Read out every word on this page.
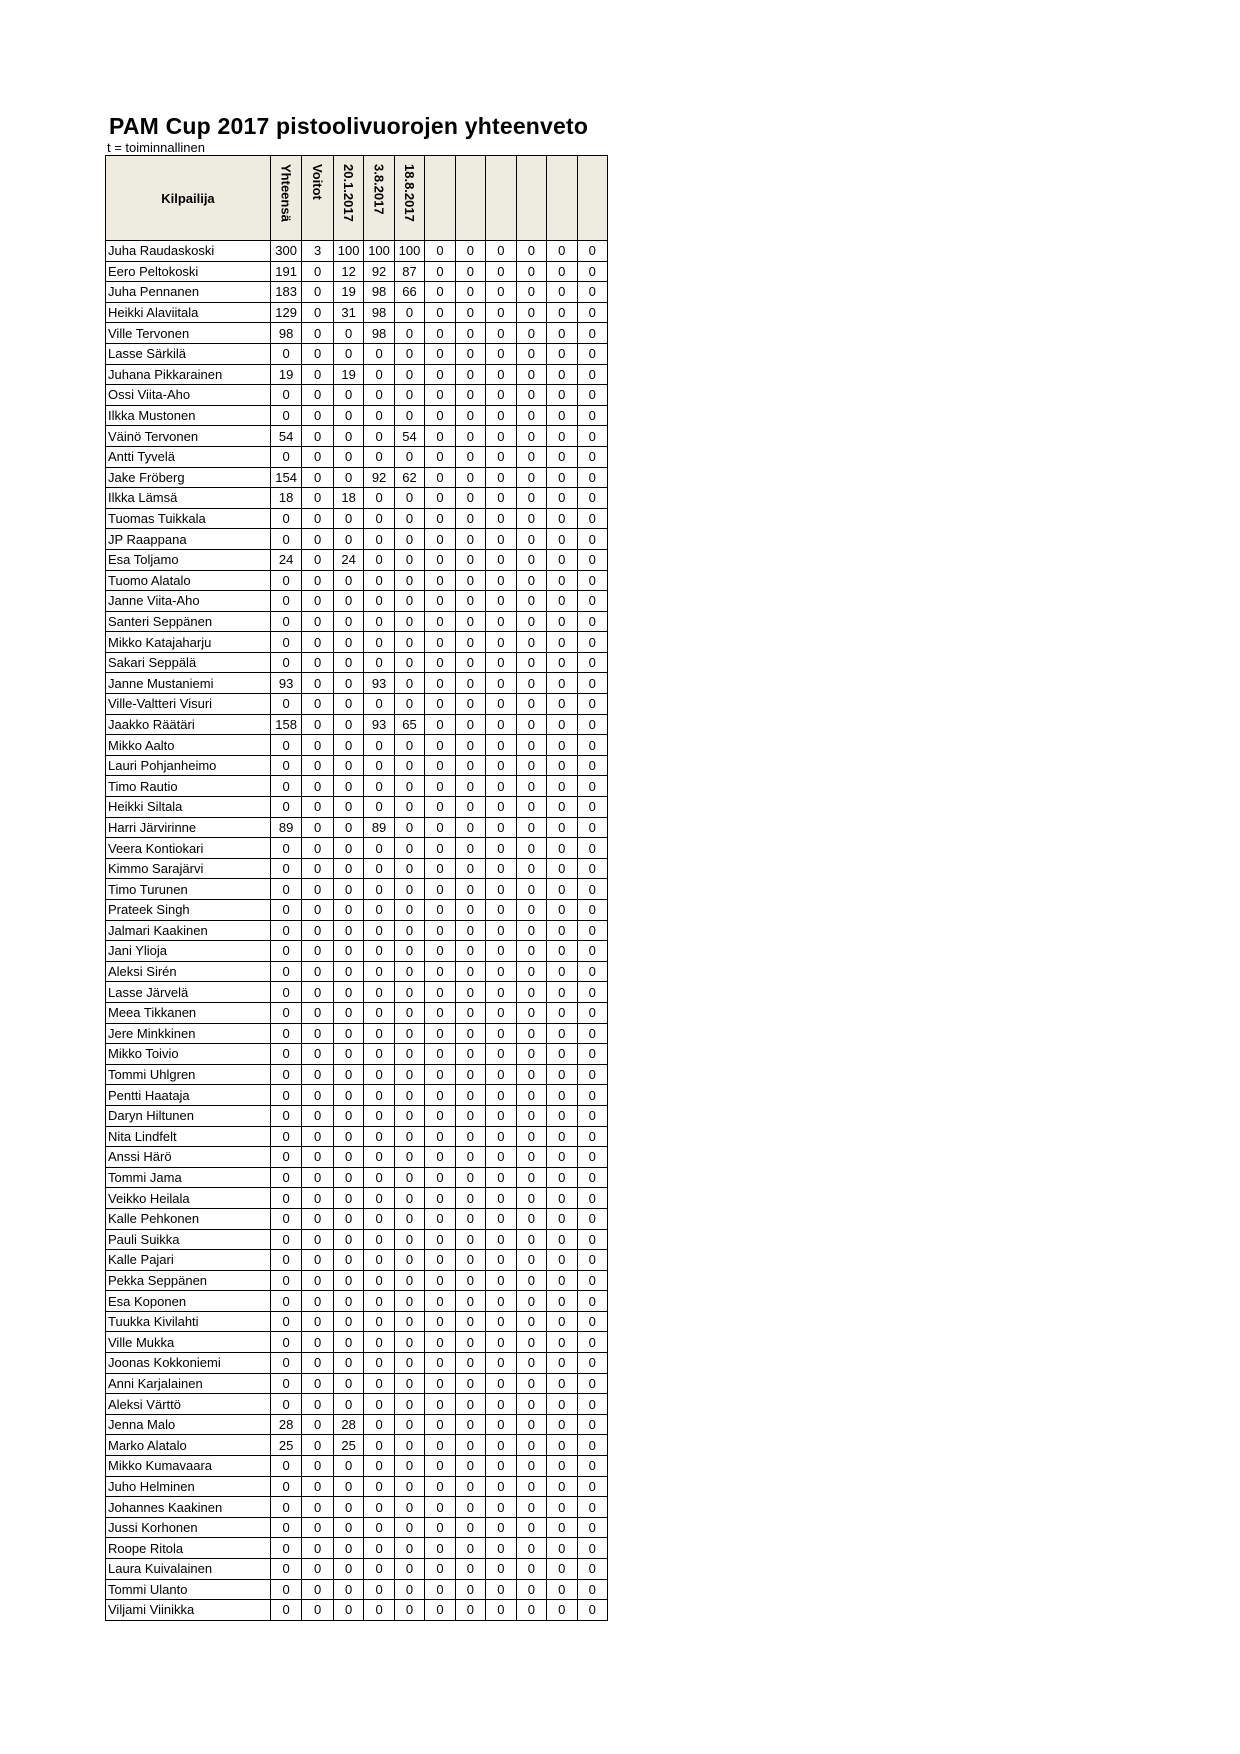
PAM Cup 2017 pistoolivuorojen yhteenveto
t = toiminnallinen
Kilpailija	Yhteensä	Voitot	20.1.2017	3.8.2017	18.8.2017						

Juha Raudaskoski	300	3	100	100	100	0	0	0	0	0	0
Eero Peltokoski	191	0	12	92	87	0	0	0	0	0	0
Juha Pennanen	183	0	19	98	66	0	0	0	0	0	0
Heikki Alaviitala	129	0	31	98	0	0	0	0	0	0	0
Ville Tervonen	98	0	0	98	0	0	0	0	0	0	0
Lasse Särkilä	0	0	0	0	0	0	0	0	0	0	0
Juhana Pikkarainen	19	0	19	0	0	0	0	0	0	0	0
Ossi Viita-Aho	0	0	0	0	0	0	0	0	0	0	0
Ilkka Mustonen	0	0	0	0	0	0	0	0	0	0	0
Väinö Tervonen	54	0	0	0	54	0	0	0	0	0	0
Antti Tyvelä	0	0	0	0	0	0	0	0	0	0	0
Jake Fröberg	154	0	0	92	62	0	0	0	0	0	0
Ilkka Lämsä	18	0	18	0	0	0	0	0	0	0	0
Tuomas Tuikkala	0	0	0	0	0	0	0	0	0	0	0
JP Raappana	0	0	0	0	0	0	0	0	0	0	0
Esa Toljamo	24	0	24	0	0	0	0	0	0	0	0
Tuomo Alatalo	0	0	0	0	0	0	0	0	0	0	0
Janne Viita-Aho	0	0	0	0	0	0	0	0	0	0	0
Santeri Seppänen	0	0	0	0	0	0	0	0	0	0	0
Mikko Katajaharju	0	0	0	0	0	0	0	0	0	0	0
Sakari Seppälä	0	0	0	0	0	0	0	0	0	0	0
Janne Mustaniemi	93	0	0	93	0	0	0	0	0	0	0
Ville-Valtteri Visuri	0	0	0	0	0	0	0	0	0	0	0
Jaakko Räätäri	158	0	0	93	65	0	0	0	0	0	0
Mikko Aalto	0	0	0	0	0	0	0	0	0	0	0
Lauri Pohjanheimo	0	0	0	0	0	0	0	0	0	0	0
Timo Rautio	0	0	0	0	0	0	0	0	0	0	0
Heikki Siltala	0	0	0	0	0	0	0	0	0	0	0
Harri Järvirinne	89	0	0	89	0	0	0	0	0	0	0
Veera Kontiokari	0	0	0	0	0	0	0	0	0	0	0
Kimmo Sarajärvi	0	0	0	0	0	0	0	0	0	0	0
Timo Turunen	0	0	0	0	0	0	0	0	0	0	0
Prateek Singh	0	0	0	0	0	0	0	0	0	0	0
Jalmari Kaakinen	0	0	0	0	0	0	0	0	0	0	0
Jani Ylioja	0	0	0	0	0	0	0	0	0	0	0
Aleksi Sirén	0	0	0	0	0	0	0	0	0	0	0
Lasse Järvelä	0	0	0	0	0	0	0	0	0	0	0
Meea Tikkanen	0	0	0	0	0	0	0	0	0	0	0
Jere Minkkinen	0	0	0	0	0	0	0	0	0	0	0
Mikko Toivio	0	0	0	0	0	0	0	0	0	0	0
Tommi Uhlgren	0	0	0	0	0	0	0	0	0	0	0
Pentti Haataja	0	0	0	0	0	0	0	0	0	0	0
Daryn Hiltunen	0	0	0	0	0	0	0	0	0	0	0
Nita Lindfelt	0	0	0	0	0	0	0	0	0	0	0
Anssi Härö	0	0	0	0	0	0	0	0	0	0	0
Tommi Jama	0	0	0	0	0	0	0	0	0	0	0
Veikko Heilala	0	0	0	0	0	0	0	0	0	0	0
Kalle Pehkonen	0	0	0	0	0	0	0	0	0	0	0
Pauli Suikka	0	0	0	0	0	0	0	0	0	0	0
Kalle Pajari	0	0	0	0	0	0	0	0	0	0	0
Pekka Seppänen	0	0	0	0	0	0	0	0	0	0	0
Esa Koponen	0	0	0	0	0	0	0	0	0	0	0
Tuukka Kivilahti	0	0	0	0	0	0	0	0	0	0	0
Ville Mukka	0	0	0	0	0	0	0	0	0	0	0
Joonas Kokkoniemi	0	0	0	0	0	0	0	0	0	0	0
Anni Karjalainen	0	0	0	0	0	0	0	0	0	0	0
Aleksi Värttö	0	0	0	0	0	0	0	0	0	0	0
Jenna Malo	28	0	28	0	0	0	0	0	0	0	0
Marko Alatalo	25	0	25	0	0	0	0	0	0	0	0
Mikko Kumavaara	0	0	0	0	0	0	0	0	0	0	0
Juho Helminen	0	0	0	0	0	0	0	0	0	0	0
Johannes Kaakinen	0	0	0	0	0	0	0	0	0	0	0
Jussi Korhonen	0	0	0	0	0	0	0	0	0	0	0
Roope Ritola	0	0	0	0	0	0	0	0	0	0	0
Laura Kuivalainen	0	0	0	0	0	0	0	0	0	0	0
Tommi Ulanto	0	0	0	0	0	0	0	0	0	0	0
Viljami Viinikka	0	0	0	0	0	0	0	0	0	0	0
